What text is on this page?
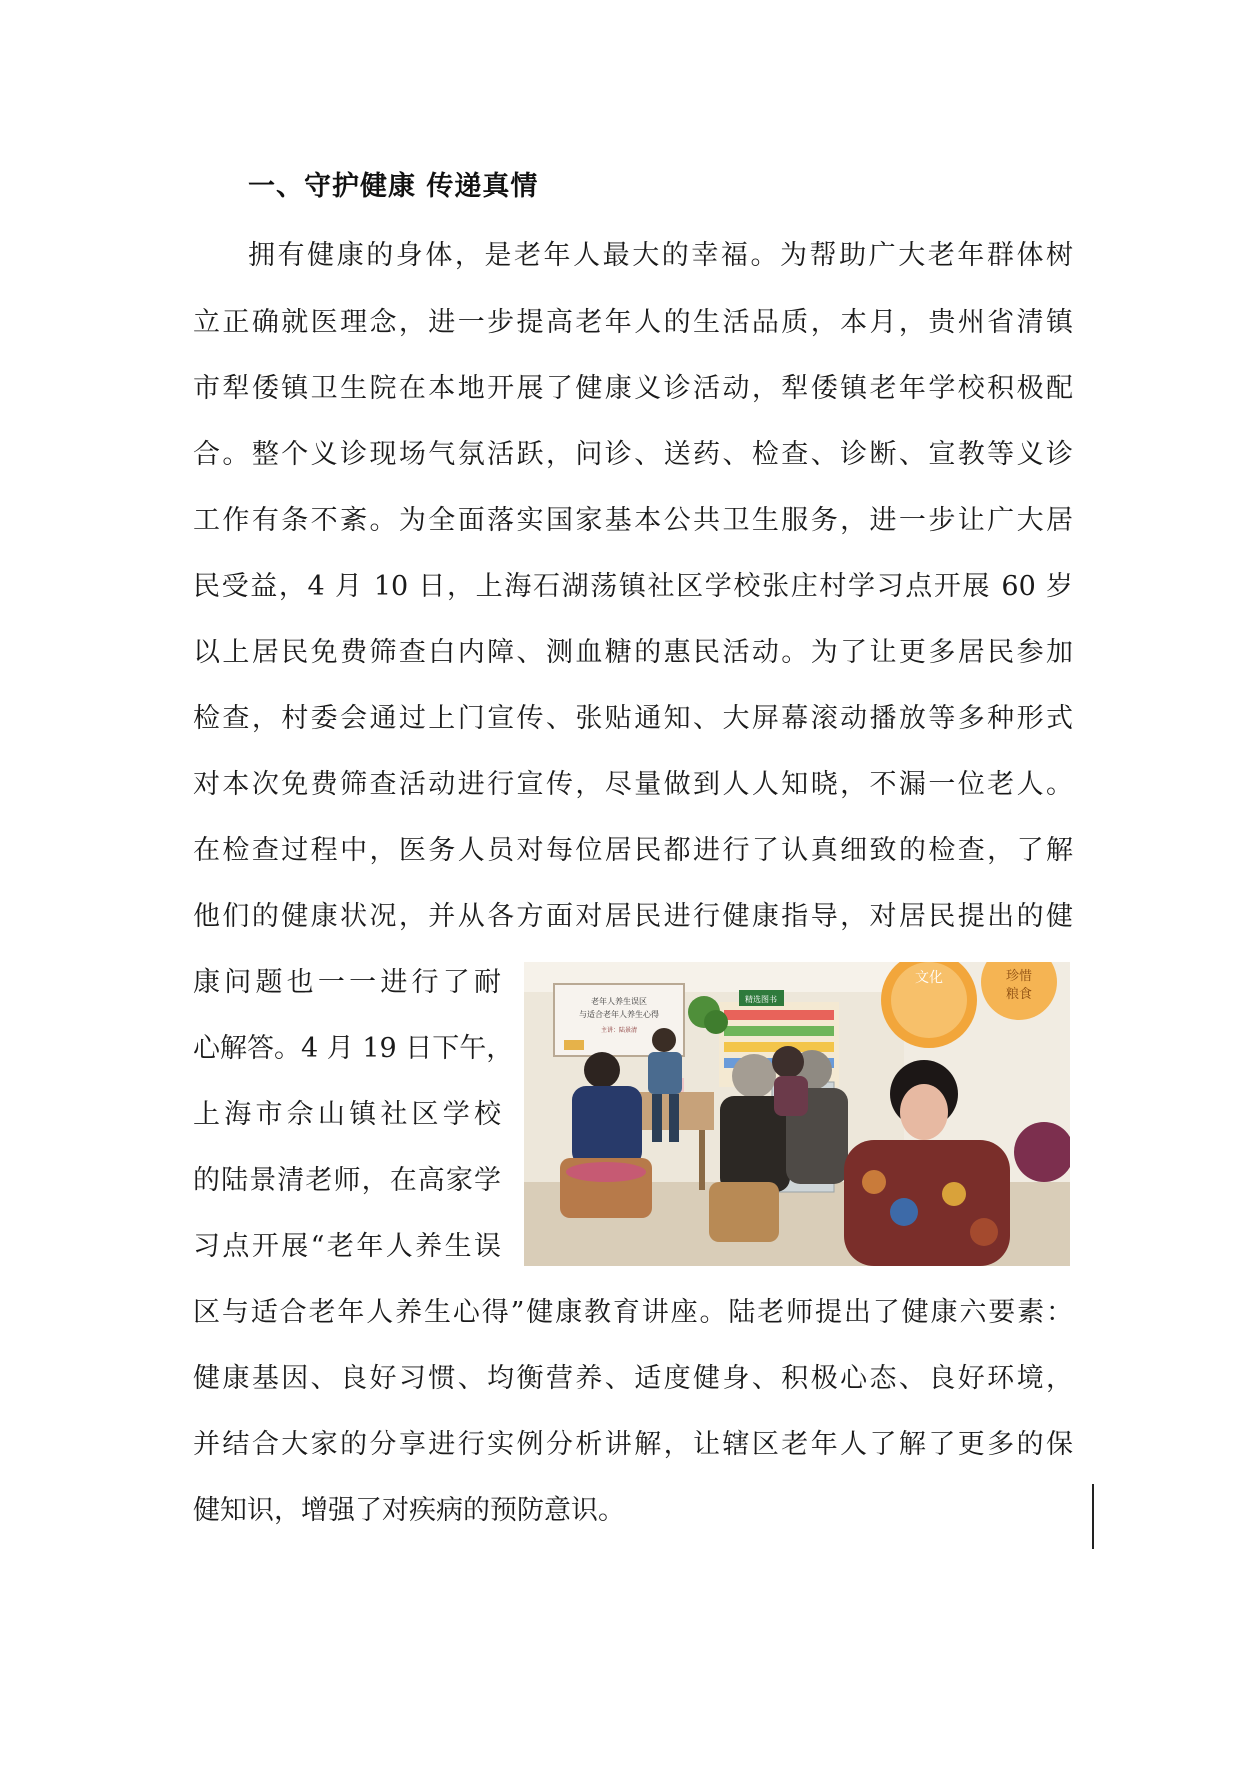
一、守护健康 传递真情
拥有健康的身体，是老年人最大的幸福。为帮助广大老年群体树
立正确就医理念，进一步提高老年人的生活品质，本月，贵州省清镇
市犁倭镇卫生院在本地开展了健康义诊活动，犁倭镇老年学校积极配
合。整个义诊现场气氛活跃，问诊、送药、检查、诊断、宣教等义诊
工作有条不紊。为全面落实国家基本公共卫生服务，进一步让广大居
民受益，4 月 10 日，上海石湖荡镇社区学校张庄村学习点开展 60 岁
以上居民免费筛查白内障、测血糖的惠民活动。为了让更多居民参加
检查，村委会通过上门宣传、张贴通知、大屏幕滚动播放等多种形式
对本次免费筛查活动进行宣传，尽量做到人人知晓，不漏一位老人。
在检查过程中，医务人员对每位居民都进行了认真细致的检查，了解
他们的健康状况，并从各方面对居民进行健康指导，对居民提出的健
康问题也一一进行了耐
心解答。4 月 19 日下午，
上海市佘山镇社区学校
的陆景清老师，在高家学
习点开展“老年人养生误
文化	珍惜
粮食
老年人养生误区
与适合老年人养生心得
主讲：陆景清
精选图书
区与适合老年人养生心得”健康教育讲座。陆老师提出了健康六要素：
健康基因、良好习惯、均衡营养、适度健身、积极心态、良好环境，
并结合大家的分享进行实例分析讲解，让辖区老年人了解了更多的保
健知识，增强了对疾病的预防意识。
